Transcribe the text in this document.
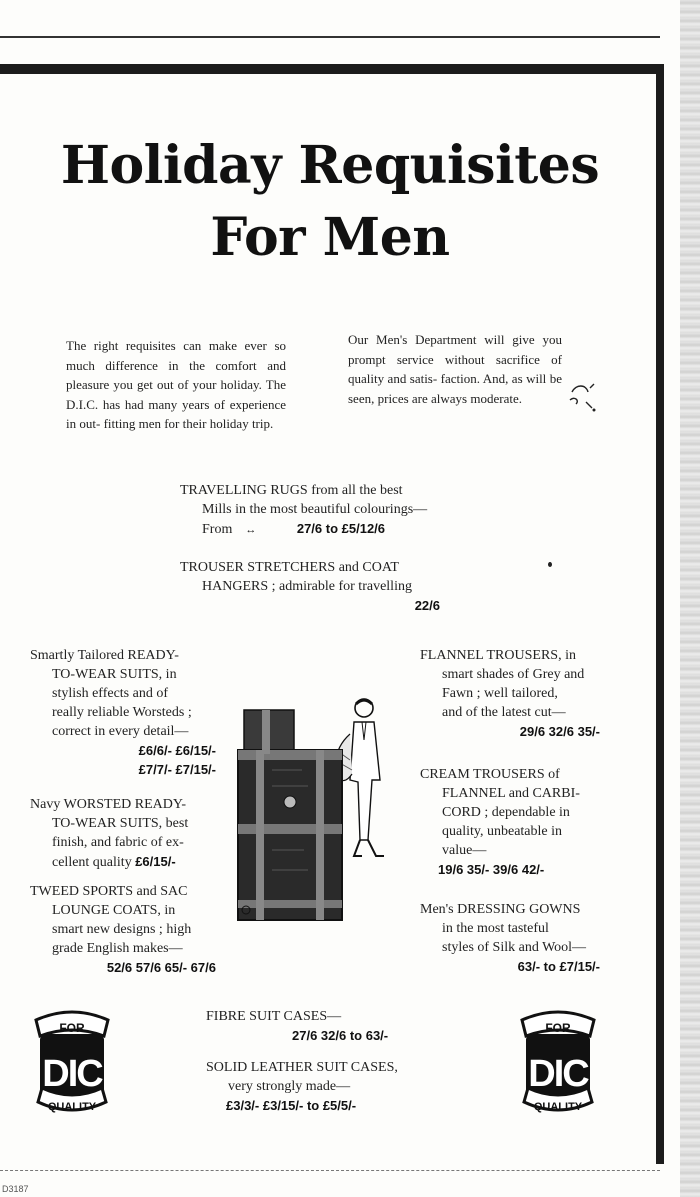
Holiday Requisites
For Men
The right requisites can make ever so much difference in the comfort and pleasure you get out of your holiday. The D.I.C. has had many years of experience in out- fitting men for their holiday trip.
Our Men's Department will give you prompt service without sacrifice of quality and satis- faction. And, as will be seen, prices are always moderate.
TRAVELLING RUGS from all the best
Mills in the most beautiful colourings—
From ↔	27/6 to £5/12/6
TROUSER STRETCHERS and COAT
HANGERS ; admirable for travelling
22/6
Smartly Tailored READY-
TO-WEAR SUITS, in
stylish effects and of
really reliable Worsteds ;
correct in every detail—
£6/6/- £6/15/-
£7/7/- £7/15/-
Navy WORSTED READY-
TO-WEAR SUITS, best
finish, and fabric of ex-
cellent quality £6/15/-
TWEED SPORTS and SAC
LOUNGE COATS, in
smart new designs ; high
grade English makes—
52/6 57/6 65/- 67/6
FLANNEL TROUSERS, in
smart shades of Grey and
Fawn ; well tailored,
and of the latest cut—
29/6 32/6 35/-
CREAM TROUSERS of
FLANNEL and CARBI-
CORD ; dependable in
quality, unbeatable in
value—
19/6 35/- 39/6 42/-
Men's DRESSING GOWNS
in the most tasteful
styles of Silk and Wool—
63/- to £7/15/-
FIBRE SUIT CASES—
27/6 32/6 to 63/-
SOLID LEATHER SUIT CASES,
very strongly made—
£3/3/- £3/15/- to £5/5/-
FOR
DIC
QUALITY
FOR
DIC
QUALITY
D3187
